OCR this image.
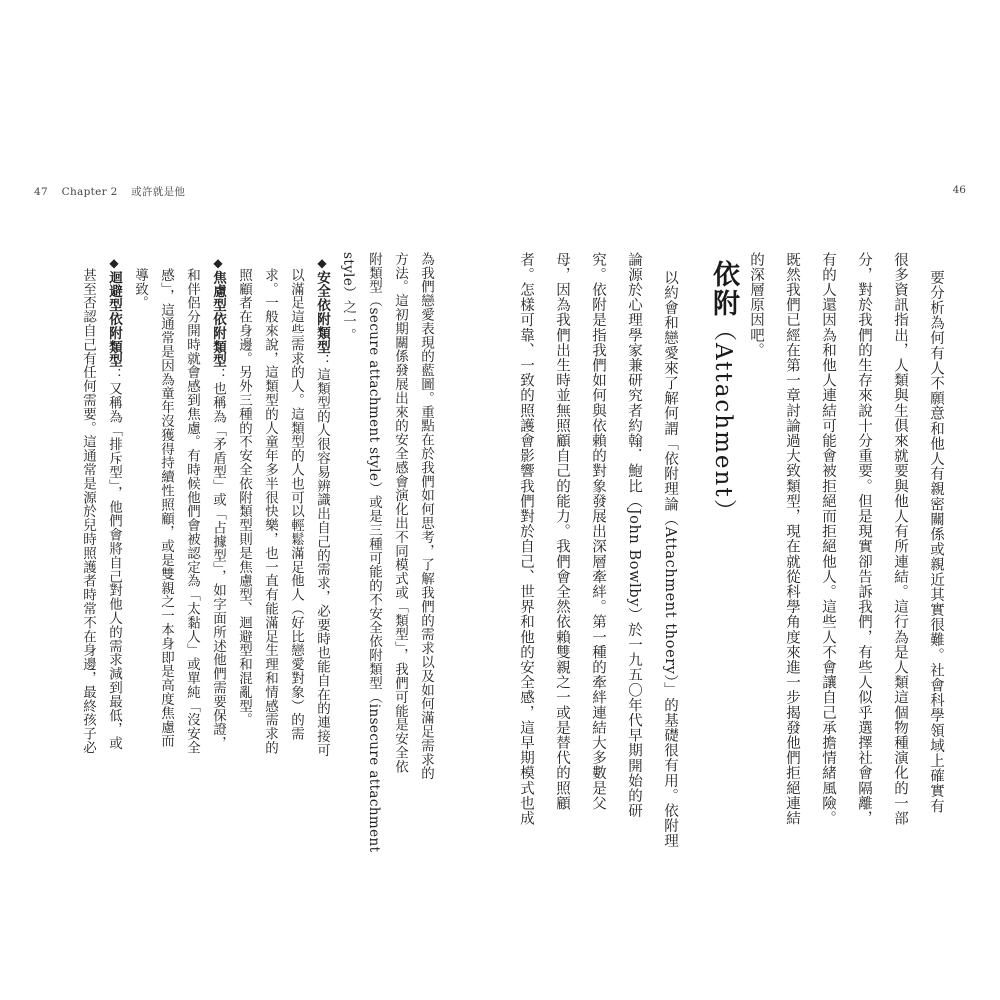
47 Chapter 2 或許就是他	46
要分析為何有人不願意和他人有親密關係或親近其實很難。社會科學領域上確實有
很多資訊指出，人類與生俱來就要與他人有所連結。這行為是人類這個物種演化的一部
分，對於我們的生存來說十分重要。但是現實卻告訴我們，有些人似乎選擇社會隔離，
有的人還因為和他人連結可能會被拒絕而拒絕他人。這些人不會讓自己承擔情緒風險。
既然我們已經在第一章討論過大致類型，現在就從科學角度來進一步揭發他們拒絕連結
的深層原因吧。
依附（Attachment）
以約會和戀愛來了解何謂「依附理論（Attachment thoery）」的基礎很有用。依附理
論源於心理學家兼研究者約翰．鮑比（John Bowlby）於一九五〇年代早期開始的研
究。依附是指我們如何與依賴的對象發展出深層牽絆。第一種的牽絆連結大多數是父
母，因為我們出生時並無照顧自己的能力。我們會全然依賴雙親之一或是替代的照顧
者。怎樣可靠、一致的照護會影響我們對於自己、世界和他的安全感，這早期模式也成
為我們戀愛表現的藍圖。重點在於我們如何思考，了解我們的需求以及如何滿足需求的
方法。這初期關係發展出來的安全感會演化出不同模式或「類型」，我們可能是安全依
附類型（secure attachment style）或是三種可能的不安全依附類型（insecure attachment
style）之一。
◆安全依附類型：這類型的人很容易辨識出自己的需求，必要時也能自在的連接可
以滿足這些需求的人。這類型的人也可以輕鬆滿足他人（好比戀愛對象）的需
求。一般來說，這類型的人童年多半很快樂，也一直有能滿足生理和情感需求的
照顧者在身邊。另外三種的不安全依附類型則是焦慮型、迴避型和混亂型。
◆焦慮型依附類型：也稱為「矛盾型」或「占據型」，如字面所述他們需要保證，
和伴侶分開時就會感到焦慮。有時候他們會被認定為「太黏人」或單純「沒安全
感」，這通常是因為童年沒獲得持續性照顧，或是雙親之一本身即是高度焦慮而
導致。
◆迴避型依附類型：又稱為「排斥型」，他們會將自己對他人的需求減到最低，或
甚至否認自己有任何需要。這通常是源於兒時照護者時常不在身邊，最終孩子必
